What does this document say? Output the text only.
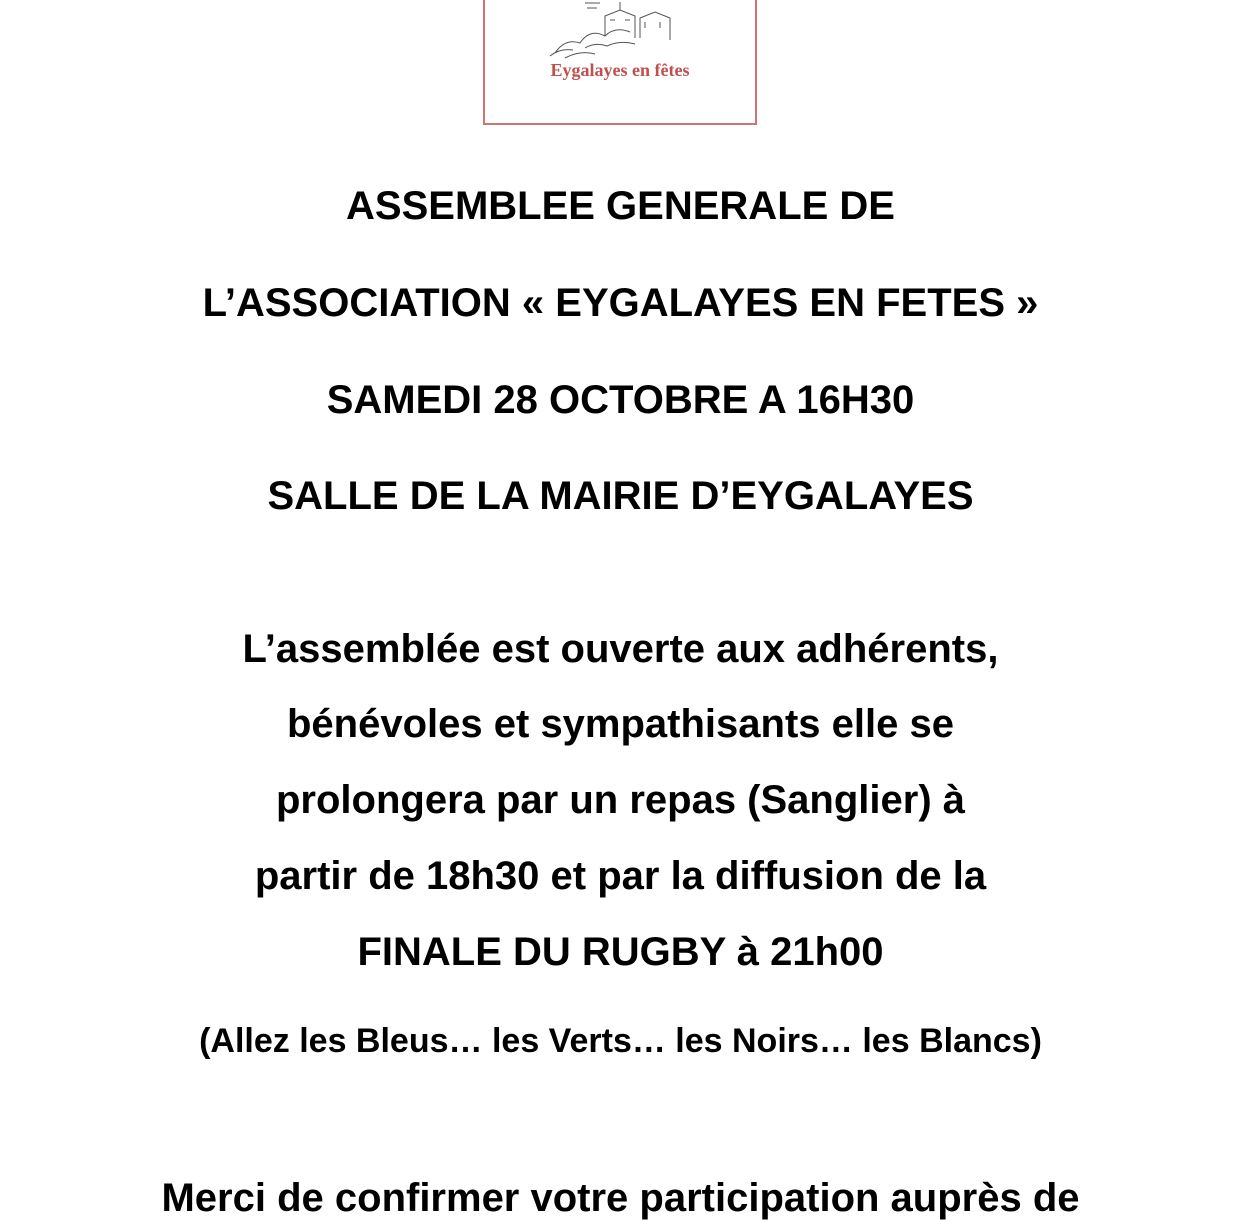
Eygalayes en fêtes
ASSEMBLEE GENERALE DE
L’ASSOCIATION « EYGALAYES EN FETES »
SAMEDI 28 OCTOBRE A 16H30
SALLE DE LA MAIRIE D’EYGALAYES
L’assemblée est ouverte aux adhérents,
bénévoles et sympathisants elle se
prolongera par un repas (Sanglier) à
partir de 18h30 et par la diffusion de la
FINALE DU RUGBY à 21h00
(Allez les Bleus… les Verts… les Noirs… les Blancs)
Merci de confirmer votre participation auprès de
